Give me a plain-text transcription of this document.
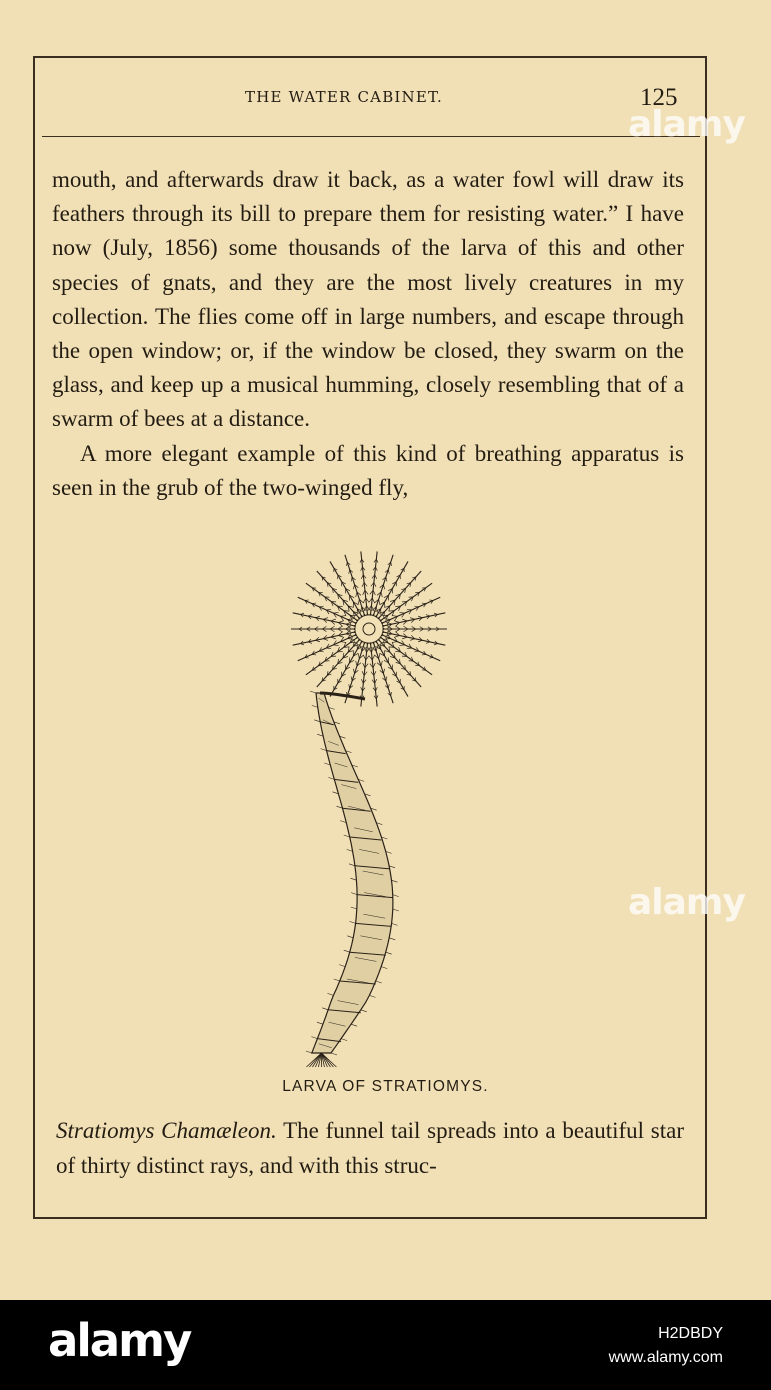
THE WATER CABINET.	125

mouth, and afterwards draw it back, as a water fowl will draw its feathers through its bill to prepare them for resisting water.” I have now (July, 1856) some thousands of the larva of this and other species of gnats, and they are the most lively creatures in my collection. The flies come off in large numbers, and escape through the open window; or, if the window be closed, they swarm on the glass, and keep up a musical humming, closely resembling that of a swarm of bees at a distance.

A more elegant example of this kind of breathing apparatus is seen in the grub of the two-winged fly,

LARVA OF STRATIOMYS.

Stratiomys Chamæleon. The funnel tail spreads into a beautiful star of thirty distinct rays, and with this struc-

alamy
alamy
alamy	H2DBDY
www.alamy.com
